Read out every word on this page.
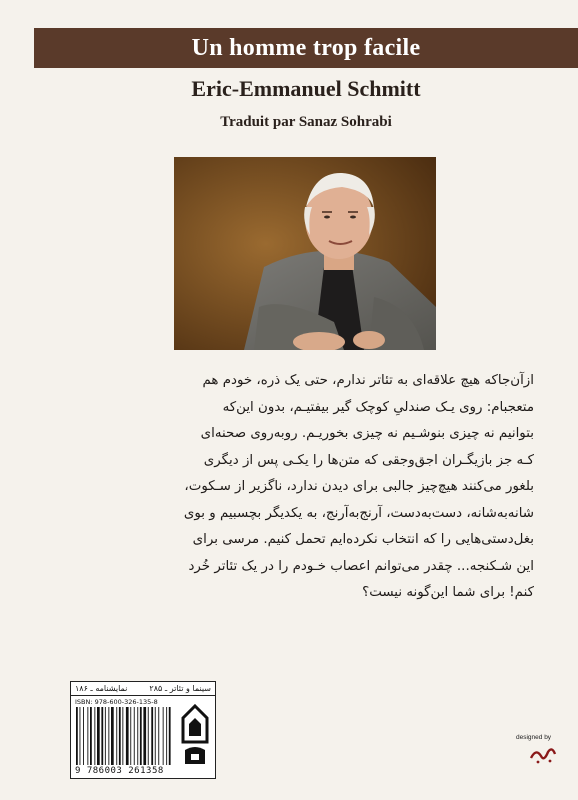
Un homme trop facile
Eric-Emmanuel Schmitt
Traduit par Sanaz Sohrabi
ازآن‌جاکه هیچ علاقه‌ای به تئاتر ندارم، حتی یک ذره، خودم هم
متعجبام: روی یـک صندلیِ کوچک گیر بیفتیـم، بدون این‌که
بتوانیم نه چیزی بنوشـیم نه چیزی بخوریـم. روبه‌روی صحنه‌ای
کـه جز بازیگـران اجق‌وجقی که متن‌ها را یکـی پس از دیگری
بلغور می‌کنند هیچ‌چیز جالبی برای دیدن ندارد، ناگزیر از سـکوت،
شانه‌به‌شانه، دست‌به‌دست، آرنج‌به‌آرنج، به یکدیگر بچسبیم و بوی
بغل‌دستی‌هایی را که انتخاب نکرده‌ایم تحمل کنیم. مرسی برای
این شـکنجه... چقدر می‌توانم اعصاب خـودم را در یک تئاتر خُرد
کنم! برای شما این‌گونه نیست؟
سینما و تئاتر ـ ۲۸۵
نمایشنامه ـ ۱۸۶
ISBN: 978-600-326-135-8
9 786003 261358
designed by
